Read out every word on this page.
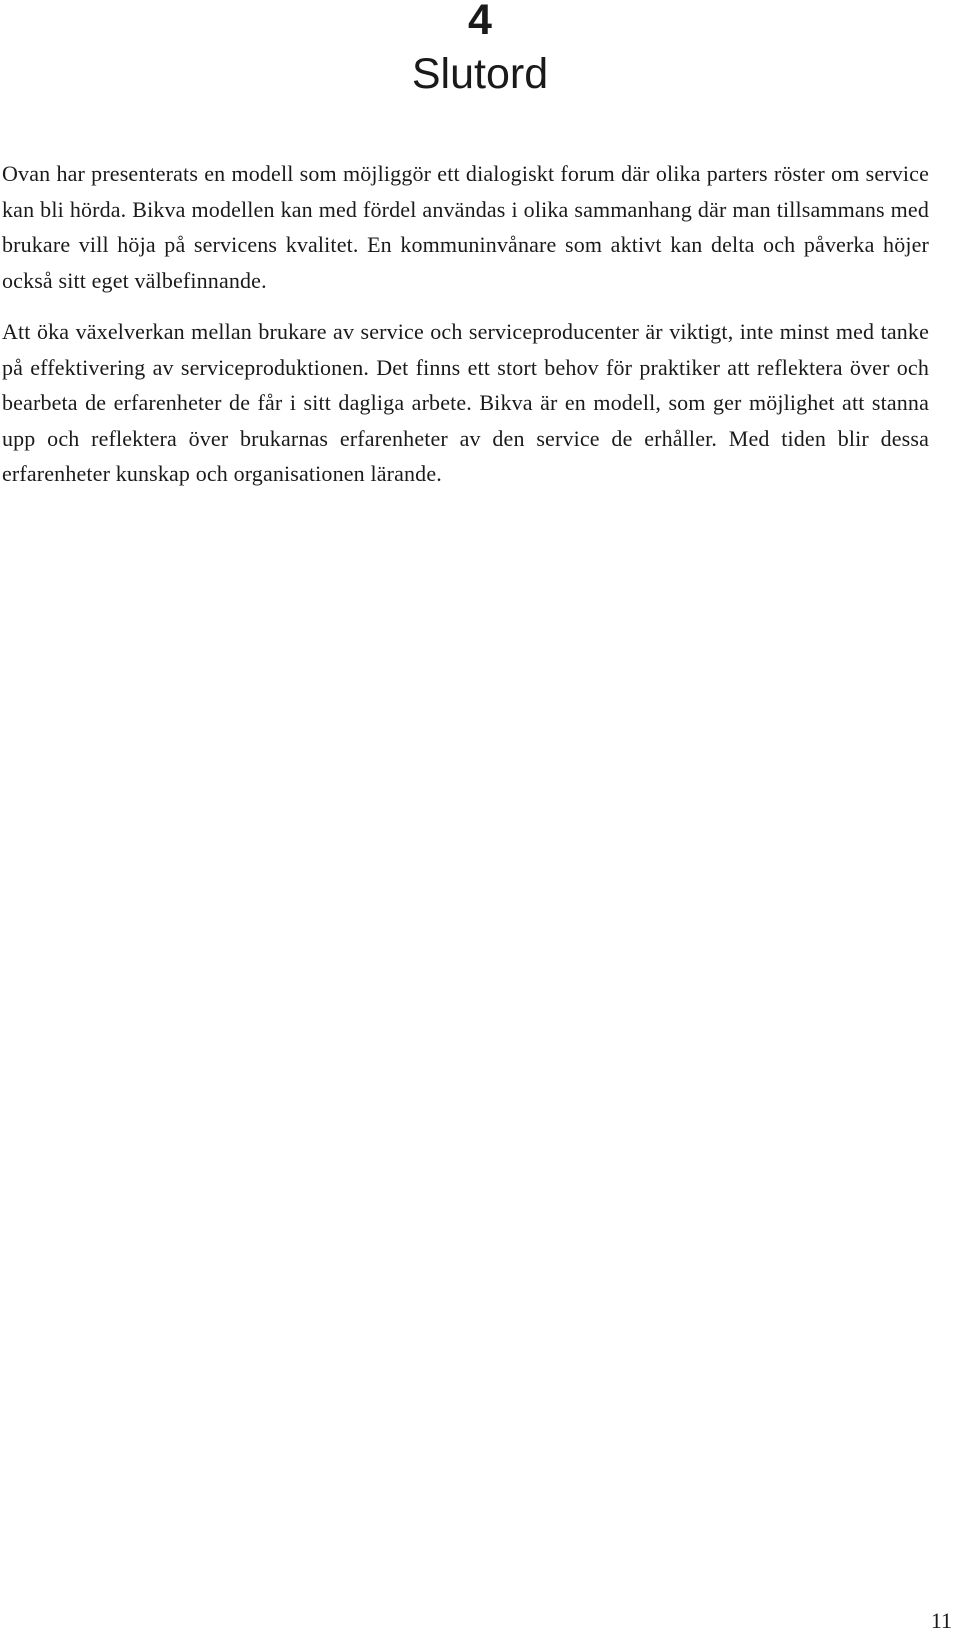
4
Slutord

Ovan har presenterats en modell som möjliggör ett dialogiskt forum där olika parters röster om service kan bli hörda. Bikva modellen kan med fördel användas i olika sammanhang där man tillsammans med brukare vill höja på servicens kvalitet. En kommuninvånare som aktivt kan delta och påverka höjer också sitt eget välbefinnande.

Att öka växelverkan mellan brukare av service och serviceproducenter är viktigt, inte minst med tanke på effektivering av serviceproduktionen. Det finns ett stort behov för praktiker att reflektera över och bearbeta de erfarenheter de får i sitt dagliga arbete. Bikva är en modell, som ger möjlighet att stanna upp och reflektera över brukarnas erfarenheter av den service de erhåller. Med tiden blir dessa erfarenheter kunskap och organisationen lärande.

11
